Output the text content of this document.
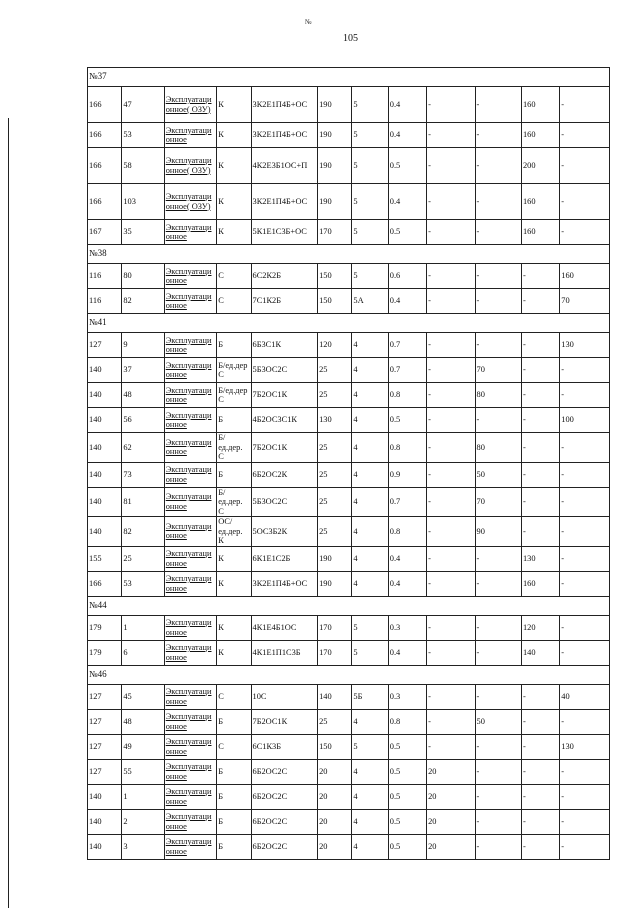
№
105
№37											
166	47	Эксплуатационное( ОЗУ)	К	3К2Е1П4Б+ОС	190	5	0.4	-	-	160	-
166	53	Эксплуатационное	К	3К2Е1П4Б+ОС	190	5	0.4	-	-	160	-
166	58	Эксплуатационное( ОЗУ)	К	4К2Е3Б1ОС+П	190	5	0.5	-	-	200	-
166	103	Эксплуатационное( ОЗУ)	К	3К2Е1П4Б+ОС	190	5	0.4	-	-	160	-
167	35	Эксплуатационное	К	5К1Е1С3Б+ОС	170	5	0.5	-	-	160	-
№38											
116	80	Эксплуатационное	С	6С2К2Б	150	5	0.6	-	-	-	160
116	82	Эксплуатационное	С	7С1К2Б	150	5А	0.4	-	-	-	70
№41											
127	9	Эксплуатационное	Б	6Б3С1К	120	4	0.7	-	-	-	130
140	37	Эксплуатационное	Б/ед.дер С	5Б3ОС2С	25	4	0.7	-	70	-	-
140	48	Эксплуатационное	Б/ед.дер С	7Б2ОС1К	25	4	0.8	-	80	-	-
140	56	Эксплуатационное	Б	4Б2ОС3С1К	130	4	0.5	-	-	-	100
140	62	Эксплуатационное	Б/ед.дер. С	7Б2ОС1К	25	4	0.8	-	80	-	-
140	73	Эксплуатационное	Б	6Б2ОС2К	25	4	0.9	-	50	-	-
140	81	Эксплуатационное	Б/ед.дер. С	5Б3ОС2С	25	4	0.7	-	70	-	-
140	82	Эксплуатационное	ОС/ед.дер. К	5ОС3Б2К	25	4	0.8	-	90	-	-
155	25	Эксплуатационное	К	6К1Е1С2Б	190	4	0.4	-	-	130	-
166	53	Эксплуатационное	К	3К2Е1П4Б+ОС	190	4	0.4	-	-	160	-
№44											
179	1	Эксплуатационное	К	4К1Е4Б1ОС	170	5	0.3	-	-	120	-
179	6	Эксплуатационное	К	4К1Е1П1С3Б	170	5	0.4	-	-	140	-
№46											
127	45	Эксплуатационное	С	10С	140	5Б	0.3	-	-	-	40
127	48	Эксплуатационное	Б	7Б2ОС1К	25	4	0.8	-	50	-	-
127	49	Эксплуатационное	С	6С1К3Б	150	5	0.5	-	-	-	130
127	55	Эксплуатационное	Б	6Б2ОС2С	20	4	0.5	20	-	-	-
140	1	Эксплуатационное	Б	6Б2ОС2С	20	4	0.5	20	-	-	-
140	2	Эксплуатационное	Б	6Б2ОС2С	20	4	0.5	20	-	-	-
140	3	Эксплуатационное	Б	6Б2ОС2С	20	4	0.5	20	-	-	-
